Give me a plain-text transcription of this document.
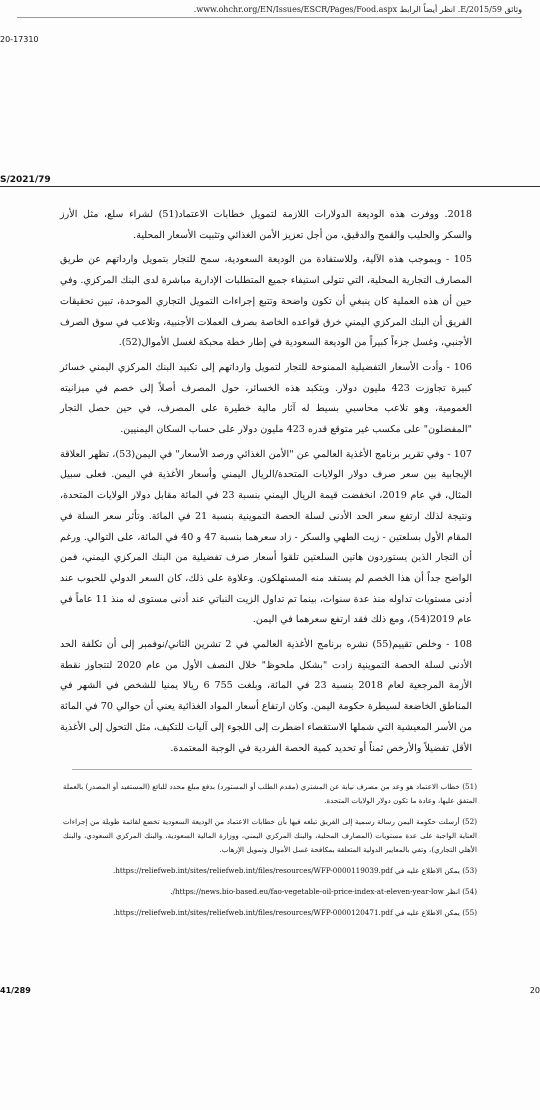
وثائق E/2015/59. انظر أيضاً الرابط www.ohchr.org/EN/Issues/ESCR/Pages/Food.aspx.
20-17310
S/2021/79

2018. ووفرت هذه الوديعة الدولارات اللازمة لتمويل خطابات الاعتماد(51) لشراء سلع، مثل الأرز والسكر والحليب والقمح والدقيق، من أجل تعزيز الأمن الغذائي وتثبيت الأسعار المحلية.

105 - وبموجب هذه الآلية، وللاستفادة من الوديعة السعودية، سمح للتجار بتمويل وارداتهم عن طريق المصارف التجارية المحلية، التي تتولى استيفاء جميع المتطلبات الإدارية مباشرة لدى البنك المركزي. وفي حين أن هذه العملية كان ينبغي أن تكون واضحة وتتبع إجراءات التمويل التجاري الموحدة، تبين تحقيقات الفريق أن البنك المركزي اليمني خرق قواعده الخاصة بصرف العملات الأجنبية، وتلاعب في سوق الصرف الأجنبي، وغسل جزءاً كبيراً من الوديعة السعودية في إطار خطة محبكة لغسل الأموال(52).

106 - وأدت الأسعار التفضيلية الممنوحة للتجار لتمويل وارداتهم إلى تكبيد البنك المركزي اليمني خسائر كبيرة تجاوزت 423 مليون دولار. وبتكبد هذه الخسائر، حول المصرف أصلاً إلى خصم في ميزانيته العمومية، وهو تلاعب محاسبي بسيط له آثار مالية خطيرة على المصرف، في حين حصل التجار "المفضلون" على مكسب غير متوقع قدره 423 مليون دولار على حساب السكان اليمنيين.

107 - وفي تقرير برنامج الأغذية العالمي عن "الأمن الغذائي ورصد الأسعار" في اليمن(53)، تظهر العلاقة الإيجابية بين سعر صرف دولار الولايات المتحدة/الريال اليمني وأسعار الأغذية في اليمن. فعلى سبيل المثال، في عام 2019، انخفضت قيمة الريال اليمني بنسبة 23 في المائة مقابل دولار الولايات المتحدة، ونتيجة لذلك ارتفع سعر الحد الأدنى لسلة الحصة التموينية بنسبة 21 في المائة. وتأثر سعر السلة في المقام الأول بسلعتين - زيت الطهي والسكر - زاد سعرهما بنسبة 47 و 40 في المائة، على التوالي. ورغم أن التجار الذين يستوردون هاتين السلعتين تلقوا أسعار صرف تفضيلية من البنك المركزي اليمني، فمن الواضح جداً أن هذا الخصم لم يستفد منه المستهلكون. وعلاوة على ذلك، كان السعر الدولي للحبوب عند أدنى مستويات تداوله منذ عدة سنوات، بينما تم تداول الزيت النباتي عند أدنى مستوى له منذ 11 عاماً في عام 2019(54)، ومع ذلك فقد ارتفع سعرهما في اليمن.

108 - وخلص تقييم(55) نشره برنامج الأغذية العالمي في 2 تشرين الثاني/نوفمبر إلى أن تكلفة الحد الأدنى لسلة الحصة التموينية زادت "بشكل ملحوظ" خلال النصف الأول من عام 2020 لتتجاوز نقطة الأزمة المرجعية لعام 2018 بنسبة 23 في المائة، وبلغت 755 6 ريالا يمنيا للشخص في الشهر في المناطق الخاضعة لسيطرة حكومة اليمن. وكان ارتفاع أسعار المواد الغذائية يعني أن حوالي 70 في المائة من الأسر المعيشية التي شملها الاستقصاء اضطرت إلى اللجوء إلى آليات للتكيف، مثل التحول إلى الأغذية الأقل تفضيلاً والأرخص ثمناً أو تحديد كمية الحصة الفردية في الوجبة المعتمدة.

(51) خطاب الاعتماد هو وعد من مصرف نيابة عن المشتري (مقدم الطلب أو المستورد) بدفع مبلغ محدد للبائع (المستفيد أو المصدر) بالعملة المتفق عليها، وعادة ما تكون دولار الولايات المتحدة.

(52) أرسلت حكومة اليمن رسالة رسمية إلى الفريق تبلغه فيها بأن خطابات الاعتماد من الوديعة السعودية تخضع لقائمة طويلة من إجراءات العناية الواجبة على عدة مستويات (المصارف المحلية، والبنك المركزي اليمني، ووزارة المالية السعودية، والبنك المركزي السعودي، والبنك الأهلي التجاري)، وتفي بالمعايير الدولية المتعلقة بمكافحة غسل الأموال وتمويل الإرهاب.

(53) يمكن الاطلاع عليه في https://reliefweb.int/sites/reliefweb.int/files/resources/WFP-0000119039.pdf.

(54) انظر https://news.bio-based.eu/fao-vegetable-oil-price-index-at-eleven-year-low/.

(55) يمكن الاطلاع عليه في https://reliefweb.int/sites/reliefweb.int/files/resources/WFP-0000120471.pdf.

41/289	20
